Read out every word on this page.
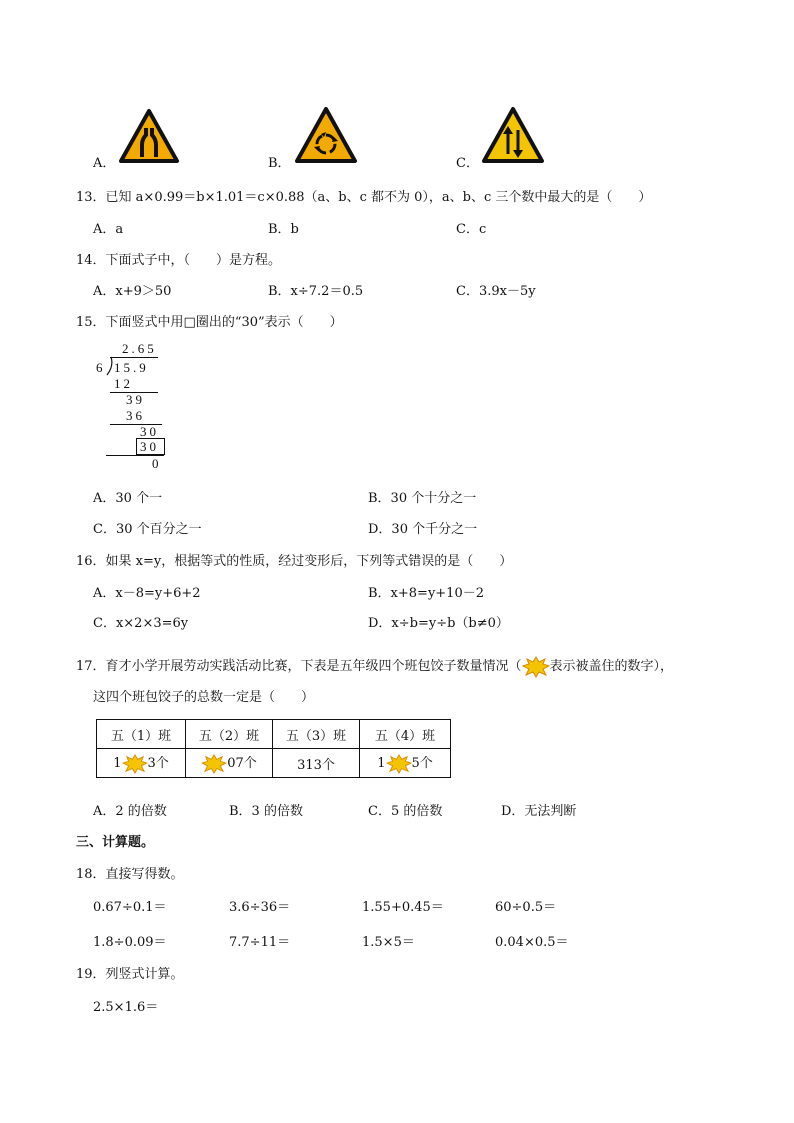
A．	B．	C．
13．已知 a×0.99＝b×1.01＝c×0.88（a、b、c 都不为 0），a、b、c 三个数中最大的是（　　）
A．a	B．b	C．c
14．下面式子中，（　　）是方程。
A．x+9＞50	B．x÷7.2＝0.5	C．3.9x－5y
15．下面竖式中用□圈出的“30”表示（　　）
2.65
6 15.9
12
39
36
30
30
0
A．30 个一	B．30 个十分之一
C．30 个百分之一	D．30 个千分之一
16．如果 x=y，根据等式的性质，经过变形后，下列等式错误的是（　　）
A．x－8=y+6+2	B．x+8=y+10－2
C．x×2×3=6y	D．x÷b=y÷b（b≠0）
17．育才小学开展劳动实践活动比赛，下表是五年级四个班包饺子数量情况（ 表示被盖住的数字），
这四个班包饺子的总数一定是（　　）
五（1）班	五（2）班	五（3）班	五（4）班
1 3个	07个	313个	1 5个
A．2 的倍数	B．3 的倍数	C．5 的倍数	D．无法判断
三、计算题。
18．直接写得数。
0.67÷0.1＝	3.6÷36＝	1.55+0.45＝	60÷0.5＝
1.8÷0.09＝	7.7÷11＝	1.5×5＝	0.04×0.5＝
19．列竖式计算。
2.5×1.6＝
